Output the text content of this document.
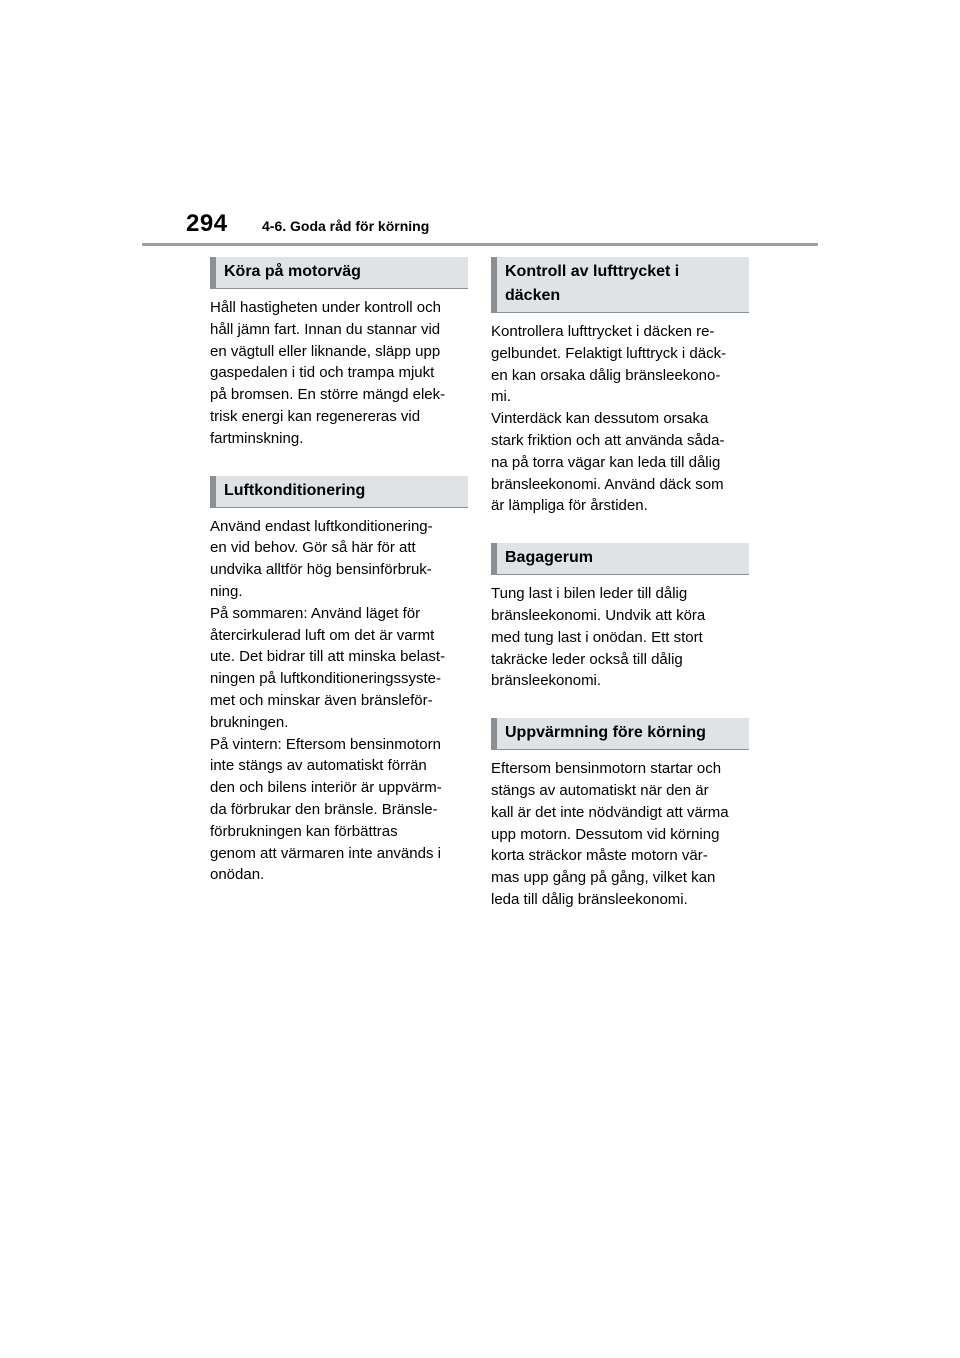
294 4-6. Goda råd för körning
Köra på motorväg
Håll hastigheten under kontroll och
håll jämn fart. Innan du stannar vid
en vägtull eller liknande, släpp upp
gaspedalen i tid och trampa mjukt
på bromsen. En större mängd elek-
trisk energi kan regenereras vid
fartminskning.
Luftkonditionering
Använd endast luftkonditionering-
en vid behov. Gör så här för att
undvika alltför hög bensinförbruk-
ning.
På sommaren: Använd läget för
återcirkulerad luft om det är varmt
ute. Det bidrar till att minska belast-
ningen på luftkonditioneringssyste-
met och minskar även bränsleför-
brukningen.
På vintern: Eftersom bensinmotorn
inte stängs av automatiskt förrän
den och bilens interiör är uppvärm-
da förbrukar den bränsle. Bränsle-
förbrukningen kan förbättras
genom att värmaren inte används i
onödan.
Kontroll av lufttrycket i
däcken
Kontrollera lufttrycket i däcken re-
gelbundet. Felaktigt lufttryck i däck-
en kan orsaka dålig bränsleekono-
mi.
Vinterdäck kan dessutom orsaka
stark friktion och att använda såda-
na på torra vägar kan leda till dålig
bränsleekonomi. Använd däck som
är lämpliga för årstiden.
Bagagerum
Tung last i bilen leder till dålig
bränsleekonomi. Undvik att köra
med tung last i onödan. Ett stort
takräcke leder också till dålig
bränsleekonomi.
Uppvärmning före körning
Eftersom bensinmotorn startar och
stängs av automatiskt när den är
kall är det inte nödvändigt att värma
upp motorn. Dessutom vid körning
korta sträckor måste motorn vär-
mas upp gång på gång, vilket kan
leda till dålig bränsleekonomi.
